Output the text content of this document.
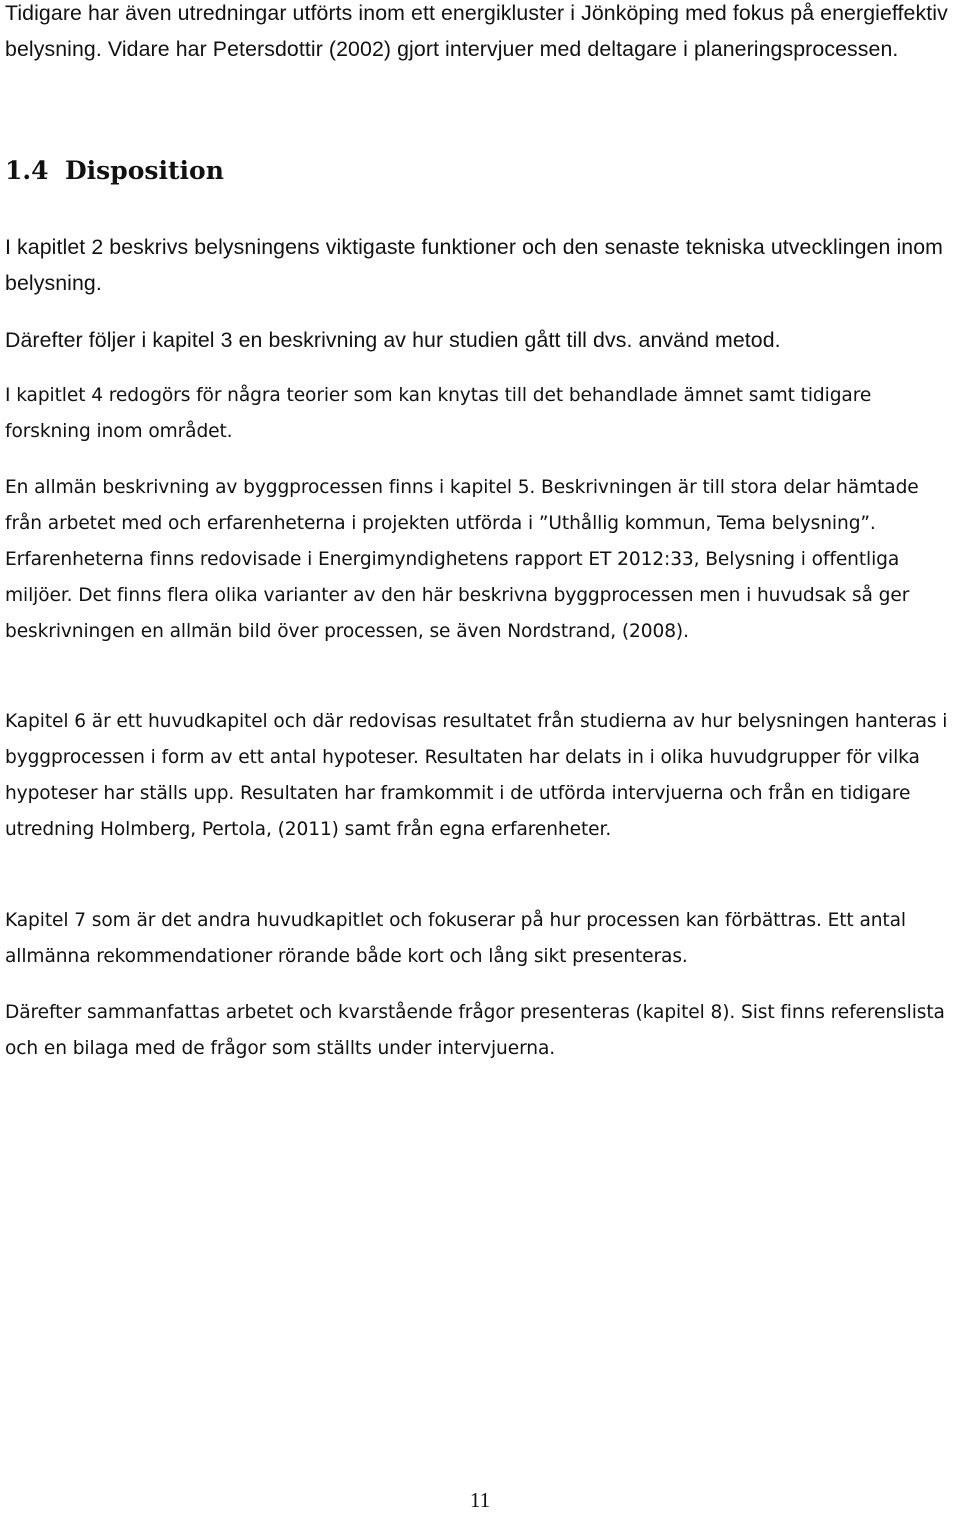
Tidigare har även utredningar utförts inom ett energikluster i Jönköping med fokus på energieffektiv belysning. Vidare har Petersdottir (2002) gjort intervjuer med deltagare i planeringsprocessen.

1.4 Disposition

I kapitlet 2 beskrivs belysningens viktigaste funktioner och den senaste tekniska utvecklingen inom belysning.

Därefter följer i kapitel 3 en beskrivning av hur studien gått till dvs. använd metod.

I kapitlet 4 redogörs för några teorier som kan knytas till det behandlade ämnet samt tidigare forskning inom området.

En allmän beskrivning av byggprocessen finns i kapitel 5. Beskrivningen är till stora delar hämtade från arbetet med och erfarenheterna i projekten utförda i ”Uthållig kommun, Tema belysning”. Erfarenheterna finns redovisade i Energimyndighetens rapport ET 2012:33, Belysning i offentliga miljöer. Det finns flera olika varianter av den här beskrivna byggprocessen men i huvudsak så ger beskrivningen en allmän bild över processen, se även Nordstrand, (2008).

Kapitel 6 är ett huvudkapitel och där redovisas resultatet från studierna av hur belysningen hanteras i byggprocessen i form av ett antal hypoteser. Resultaten har delats in i olika huvudgrupper för vilka hypoteser har ställs upp. Resultaten har framkommit i de utförda intervjuerna och från en tidigare utredning Holmberg, Pertola, (2011) samt från egna erfarenheter.

Kapitel 7 som är det andra huvudkapitlet och fokuserar på hur processen kan förbättras. Ett antal allmänna rekommendationer rörande både kort och lång sikt presenteras.

Därefter sammanfattas arbetet och kvarstående frågor presenteras (kapitel 8). Sist finns referenslista och en bilaga med de frågor som ställts under intervjuerna.

11
